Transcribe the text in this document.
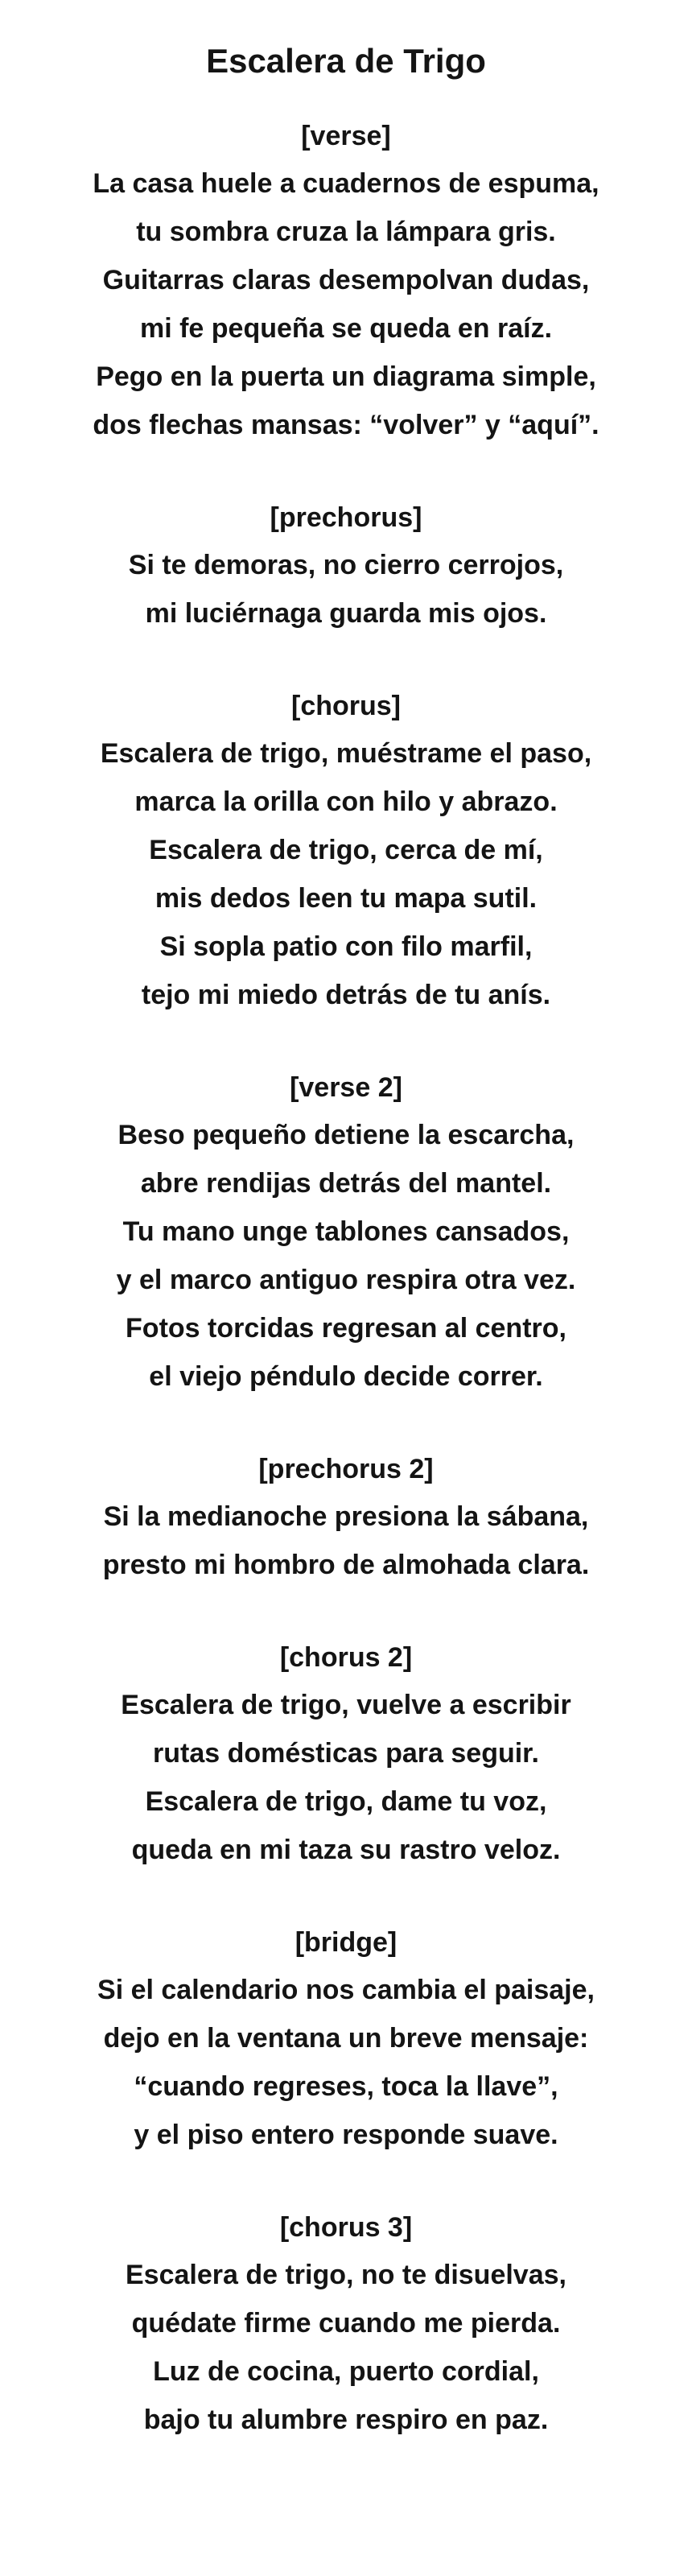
Escalera de Trigo

[verse]

La casa huele a cuadernos de espuma,

tu sombra cruza la lámpara gris.

Guitarras claras desempolvan dudas,

mi fe pequeña se queda en raíz.

Pego en la puerta un diagrama simple,

dos flechas mansas: “volver” y “aquí”.

[prechorus]

Si te demoras, no cierro cerrojos,

mi luciérnaga guarda mis ojos.

[chorus]

Escalera de trigo, muéstrame el paso,

marca la orilla con hilo y abrazo.

Escalera de trigo, cerca de mí,

mis dedos leen tu mapa sutil.

Si sopla patio con filo marfil,

tejo mi miedo detrás de tu anís.

[verse 2]

Beso pequeño detiene la escarcha,

abre rendijas detrás del mantel.

Tu mano unge tablones cansados,

y el marco antiguo respira otra vez.

Fotos torcidas regresan al centro,

el viejo péndulo decide correr.

[prechorus 2]

Si la medianoche presiona la sábana,

presto mi hombro de almohada clara.

[chorus 2]

Escalera de trigo, vuelve a escribir

rutas domésticas para seguir.

Escalera de trigo, dame tu voz,

queda en mi taza su rastro veloz.

[bridge]

Si el calendario nos cambia el paisaje,

dejo en la ventana un breve mensaje:

“cuando regreses, toca la llave”,

y el piso entero responde suave.

[chorus 3]

Escalera de trigo, no te disuelvas,

quédate firme cuando me pierda.

Luz de cocina, puerto cordial,

bajo tu alumbre respiro en paz.
